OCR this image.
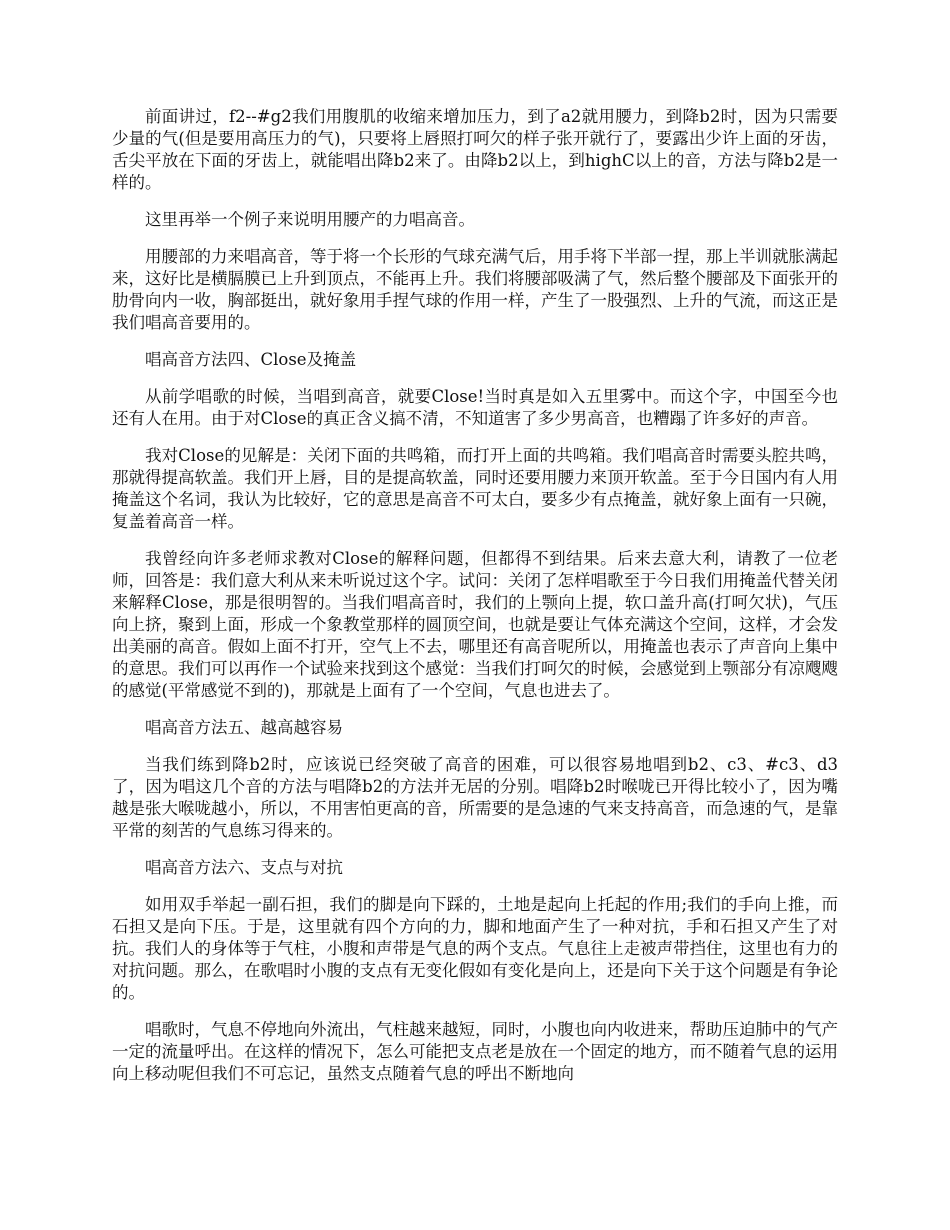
前面讲过，f2--#g2我们用腹肌的收缩来增加压力，到了a2就用腰力，到降b2时，因为只需要少量的气(但是要用高压力的气)，只要将上唇照打呵欠的样子张开就行了，要露出少许上面的牙齿，舌尖平放在下面的牙齿上，就能唱出降b2来了。由降b2以上，到highC以上的音，方法与降b2是一样的。

这里再举一个例子来说明用腰产的力唱高音。

用腰部的力来唱高音，等于将一个长形的气球充满气后，用手将下半部一捏，那上半训就胀满起来，这好比是横膈膜已上升到顶点，不能再上升。我们将腰部吸满了气，然后整个腰部及下面张开的肋骨向内一收，胸部挺出，就好象用手捏气球的作用一样，产生了一股强烈、上升的气流，而这正是我们唱高音要用的。

唱高音方法四、Close及掩盖

从前学唱歌的时候，当唱到高音，就要Close!当时真是如入五里雾中。而这个字，中国至今也还有人在用。由于对Close的真正含义搞不清，不知道害了多少男高音，也糟蹋了许多好的声音。

我对Close的见解是：关闭下面的共鸣箱，而打开上面的共鸣箱。我们唱高音时需要头腔共鸣，那就得提高软盖。我们开上唇，目的是提高软盖，同时还要用腰力来顶开软盖。至于今日国内有人用掩盖这个名词，我认为比较好，它的意思是高音不可太白，要多少有点掩盖，就好象上面有一只碗，复盖着高音一样。

我曾经向许多老师求教对Close的解释问题，但都得不到结果。后来去意大利，请教了一位老师，回答是：我们意大利从来未听说过这个字。试问：关闭了怎样唱歌至于今日我们用掩盖代替关闭来解释Close，那是很明智的。当我们唱高音时，我们的上颚向上提，软口盖升高(打呵欠状)，气压向上挤，聚到上面，形成一个象教堂那样的圆顶空间，也就是要让气体充满这个空间，这样，才会发出美丽的高音。假如上面不打开，空气上不去，哪里还有高音呢所以，用掩盖也表示了声音向上集中的意思。我们可以再作一个试验来找到这个感觉：当我们打呵欠的时候，会感觉到上颚部分有凉飕飕的感觉(平常感觉不到的)，那就是上面有了一个空间，气息也进去了。

唱高音方法五、越高越容易

当我们练到降b2时，应该说已经突破了高音的困难，可以很容易地唱到b2、c3、#c3、d3了，因为唱这几个音的方法与唱降b2的方法并无居的分别。唱降b2时喉咙已开得比较小了，因为嘴越是张大喉咙越小，所以，不用害怕更高的音，所需要的是急速的气来支持高音，而急速的气，是靠平常的刻苦的气息练习得来的。

唱高音方法六、支点与对抗

如用双手举起一副石担，我们的脚是向下踩的，土地是起向上托起的作用;我们的手向上推，而石担又是向下压。于是，这里就有四个方向的力，脚和地面产生了一种对抗，手和石担又产生了对抗。我们人的身体等于气柱，小腹和声带是气息的两个支点。气息往上走被声带挡住，这里也有力的对抗问题。那么，在歌唱时小腹的支点有无变化假如有变化是向上，还是向下关于这个问题是有争论的。

唱歌时，气息不停地向外流出，气柱越来越短，同时，小腹也向内收进来，帮助压迫肺中的气产一定的流量呼出。在这样的情况下，怎么可能把支点老是放在一个固定的地方，而不随着气息的运用向上移动呢但我们不可忘记，虽然支点随着气息的呼出不断地向
